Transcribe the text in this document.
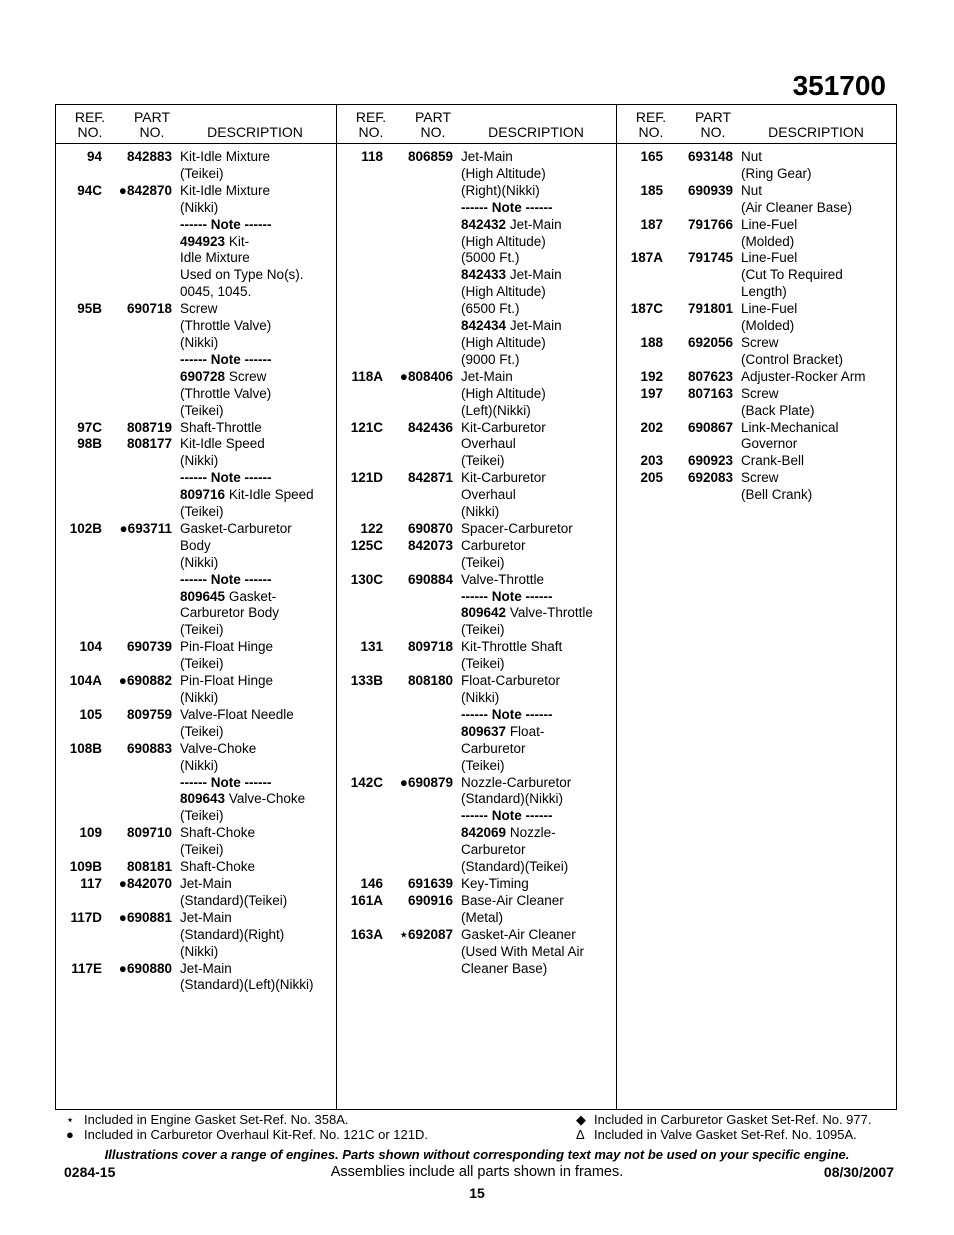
351700
REF.
NO.
PART
NO.	DESCRIPTION
94	842883 Kit-Idle Mixture
(Teikei)
94C	●842870 Kit-Idle Mixture
(Nikki)
------ Note ------
494923 Kit-
Idle Mixture
Used on Type No(s).
0045, 1045.
95B	690718 Screw
(Throttle Valve)
(Nikki)
------ Note ------
690728 Screw
(Throttle Valve)
(Teikei)
97C	808719 Shaft-Throttle
98B	808177 Kit-Idle Speed
(Nikki)
------ Note ------
809716 Kit-Idle Speed
(Teikei)
102B	●693711 Gasket-Carburetor
Body
(Nikki)
------ Note ------
809645 Gasket-
Carburetor Body
(Teikei)
104	690739 Pin-Float Hinge
(Teikei)
104A	●690882 Pin-Float Hinge
(Nikki)
105	809759 Valve-Float Needle
(Teikei)
108B	690883 Valve-Choke
(Nikki)
------ Note ------
809643 Valve-Choke
(Teikei)
109	809710 Shaft-Choke
(Teikei)
109B	808181 Shaft-Choke
117	●842070 Jet-Main
(Standard)(Teikei)
117D	●690881 Jet-Main
(Standard)(Right)
(Nikki)
117E	●690880 Jet-Main
(Standard)(Left)(Nikki)
REF.
NO.
PART
NO.	DESCRIPTION
118	806859 Jet-Main
(High Altitude)
(Right)(Nikki)
------ Note ------
842432 Jet-Main
(High Altitude)
(5000 Ft.)
842433 Jet-Main
(High Altitude)
(6500 Ft.)
842434 Jet-Main
(High Altitude)
(9000 Ft.)
118A	●808406 Jet-Main
(High Altitude)
(Left)(Nikki)
121C	842436 Kit-Carburetor
Overhaul
(Teikei)
121D	842871 Kit-Carburetor
Overhaul
(Nikki)
122	690870 Spacer-Carburetor
125C	842073 Carburetor
(Teikei)
130C	690884 Valve-Throttle
------ Note ------
809642 Valve-Throttle
(Teikei)
131	809718 Kit-Throttle Shaft
(Teikei)
133B	808180 Float-Carburetor
(Nikki)
------ Note ------
809637 Float-
Carburetor
(Teikei)
142C	●690879 Nozzle-Carburetor
(Standard)(Nikki)
------ Note ------
842069 Nozzle-
Carburetor
(Standard)(Teikei)
146	691639 Key-Timing
161A	690916 Base-Air Cleaner
(Metal)
163A	⋆692087 Gasket-Air Cleaner
(Used With Metal Air
Cleaner Base)
REF.
NO.
PART
NO.	DESCRIPTION
165	693148 Nut
(Ring Gear)
185	690939 Nut
(Air Cleaner Base)
187	791766 Line-Fuel
(Molded)
187A	791745 Line-Fuel
(Cut To Required
Length)
187C	791801 Line-Fuel
(Molded)
188	692056 Screw
(Control Bracket)
192	807623 Adjuster-Rocker Arm
197	807163 Screw
(Back Plate)
202	690867 Link-Mechanical
Governor
203	690923 Crank-Bell
205	692083 Screw
(Bell Crank)
⋆ Included in Engine Gasket Set-Ref. No. 358A.
● Included in Carburetor Overhaul Kit-Ref. No. 121C or 121D.
◆ Included in Carburetor Gasket Set-Ref. No. 977.
Δ Included in Valve Gasket Set-Ref. No. 1095A.
Illustrations cover a range of engines. Parts shown without corresponding text may not be used on your specific engine.
0284-15	Assemblies include all parts shown in frames.	08/30/2007
15
